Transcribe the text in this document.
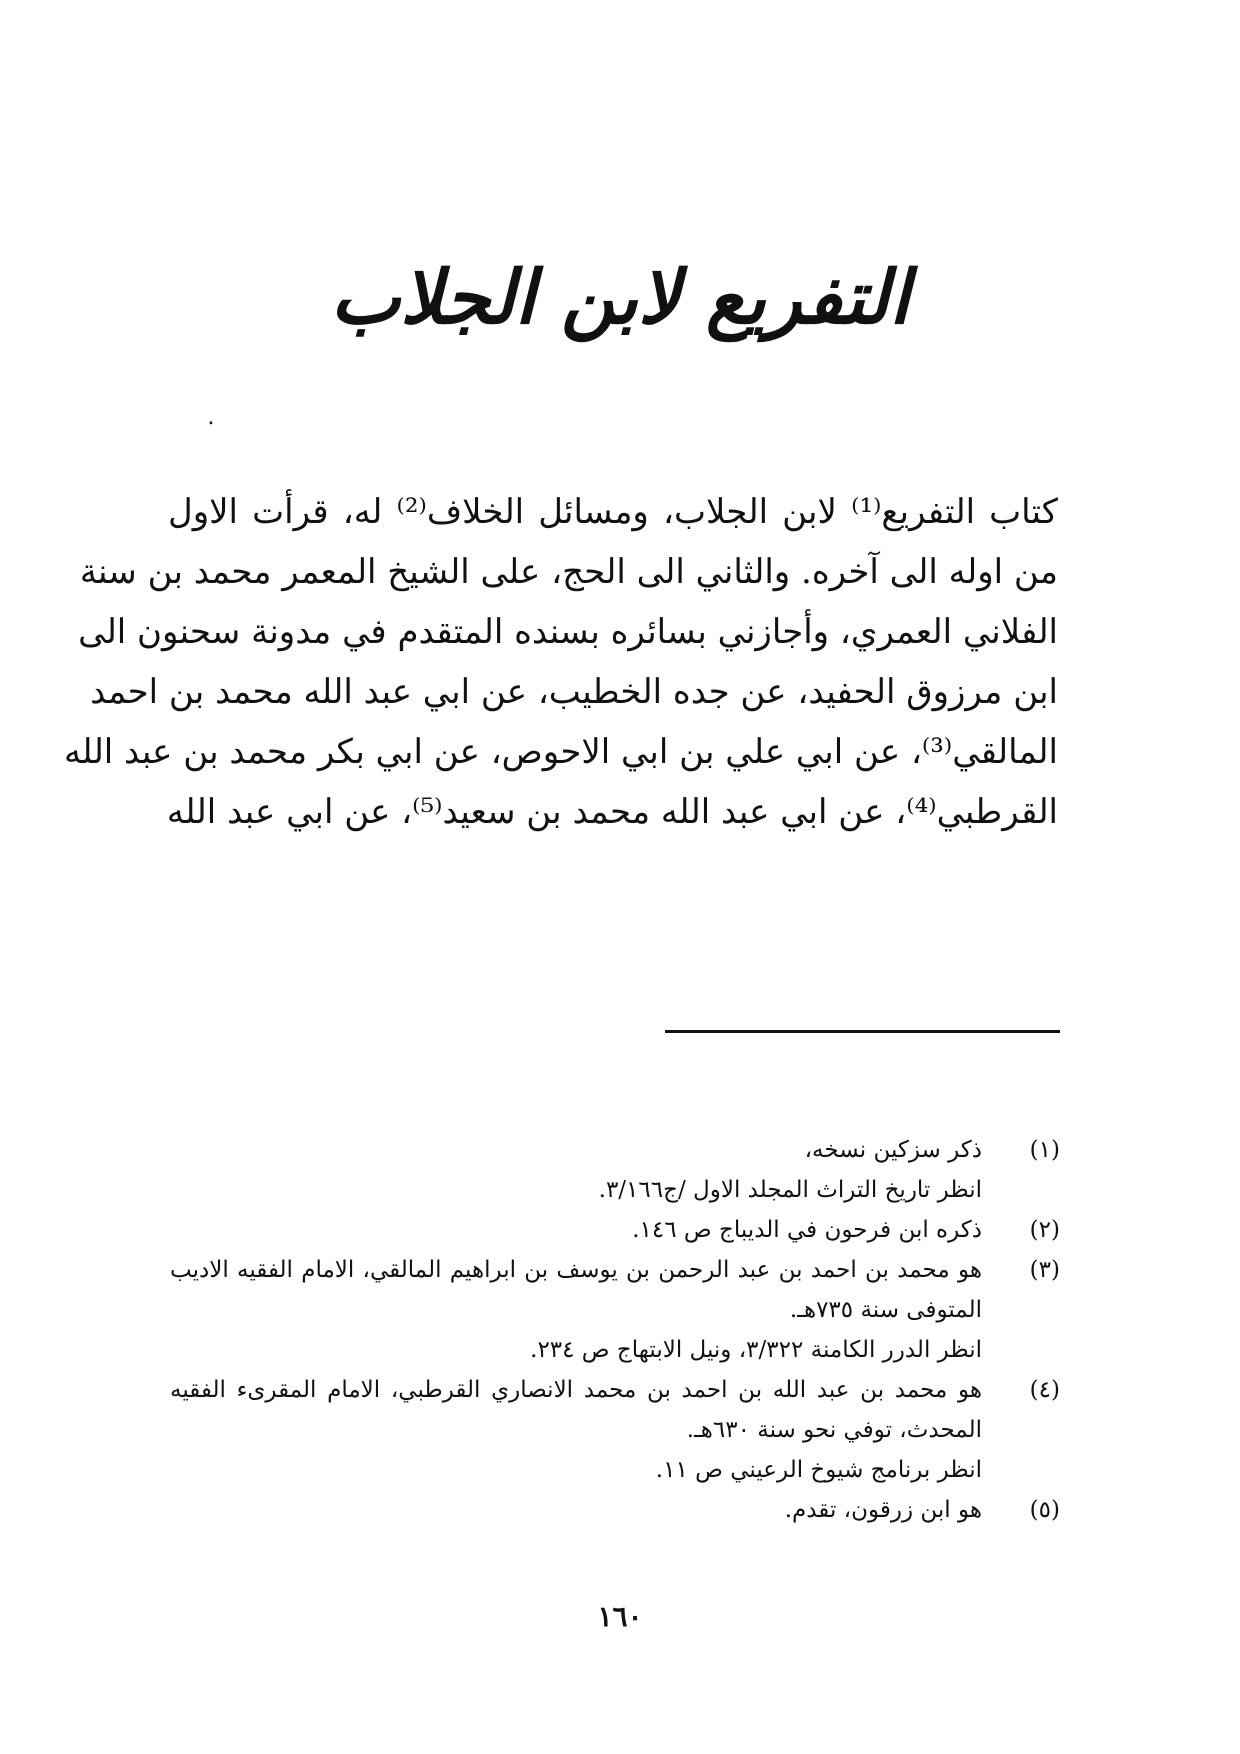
التفريع لابن الجلاب
٠
كتاب التفريع⁽¹⁾ لابن الجلاب، ومسائل الخلاف⁽²⁾ له، قرأت الاول
من اوله الى آخره. والثاني الى الحج، على الشيخ المعمر محمد بن سنة
الفلاني العمري، وأجازني بسائره بسنده المتقدم في مدونة سحنون الى
ابن مرزوق الحفيد، عن جده الخطيب، عن ابي عبد الله محمد بن احمد
المالقي⁽³⁾، عن ابي علي بن ابي الاحوص، عن ابي بكر محمد بن عبد الله
القرطبي⁽⁴⁾، عن ابي عبد الله محمد بن سعيد⁽⁵⁾، عن ابي عبد الله
(١)
ذكر سزكين نسخه،
انظر تاريخ التراث المجلد الاول /ج٣/١٦٦.
(٢)
ذكره ابن فرحون في الديباج ص ١٤٦.
(٣)
هو محمد بن احمد بن عبد الرحمن بن يوسف بن ابراهيم المالقي، الامام الفقيه الاديب
المتوفى سنة ٧٣٥هـ.
انظر الدرر الكامنة ٣/٣٢٢، ونيل الابتهاج ص ٢٣٤.
(٤)
هو محمد بن عبد الله بن احمد بن محمد الانصاري القرطبي، الامام المقرىء الفقيه
المحدث، توفي نحو سنة ٦٣٠هـ.
انظر برنامج شيوخ الرعيني ص ١١.
(٥)
هو ابن زرقون، تقدم.
١٦٠
